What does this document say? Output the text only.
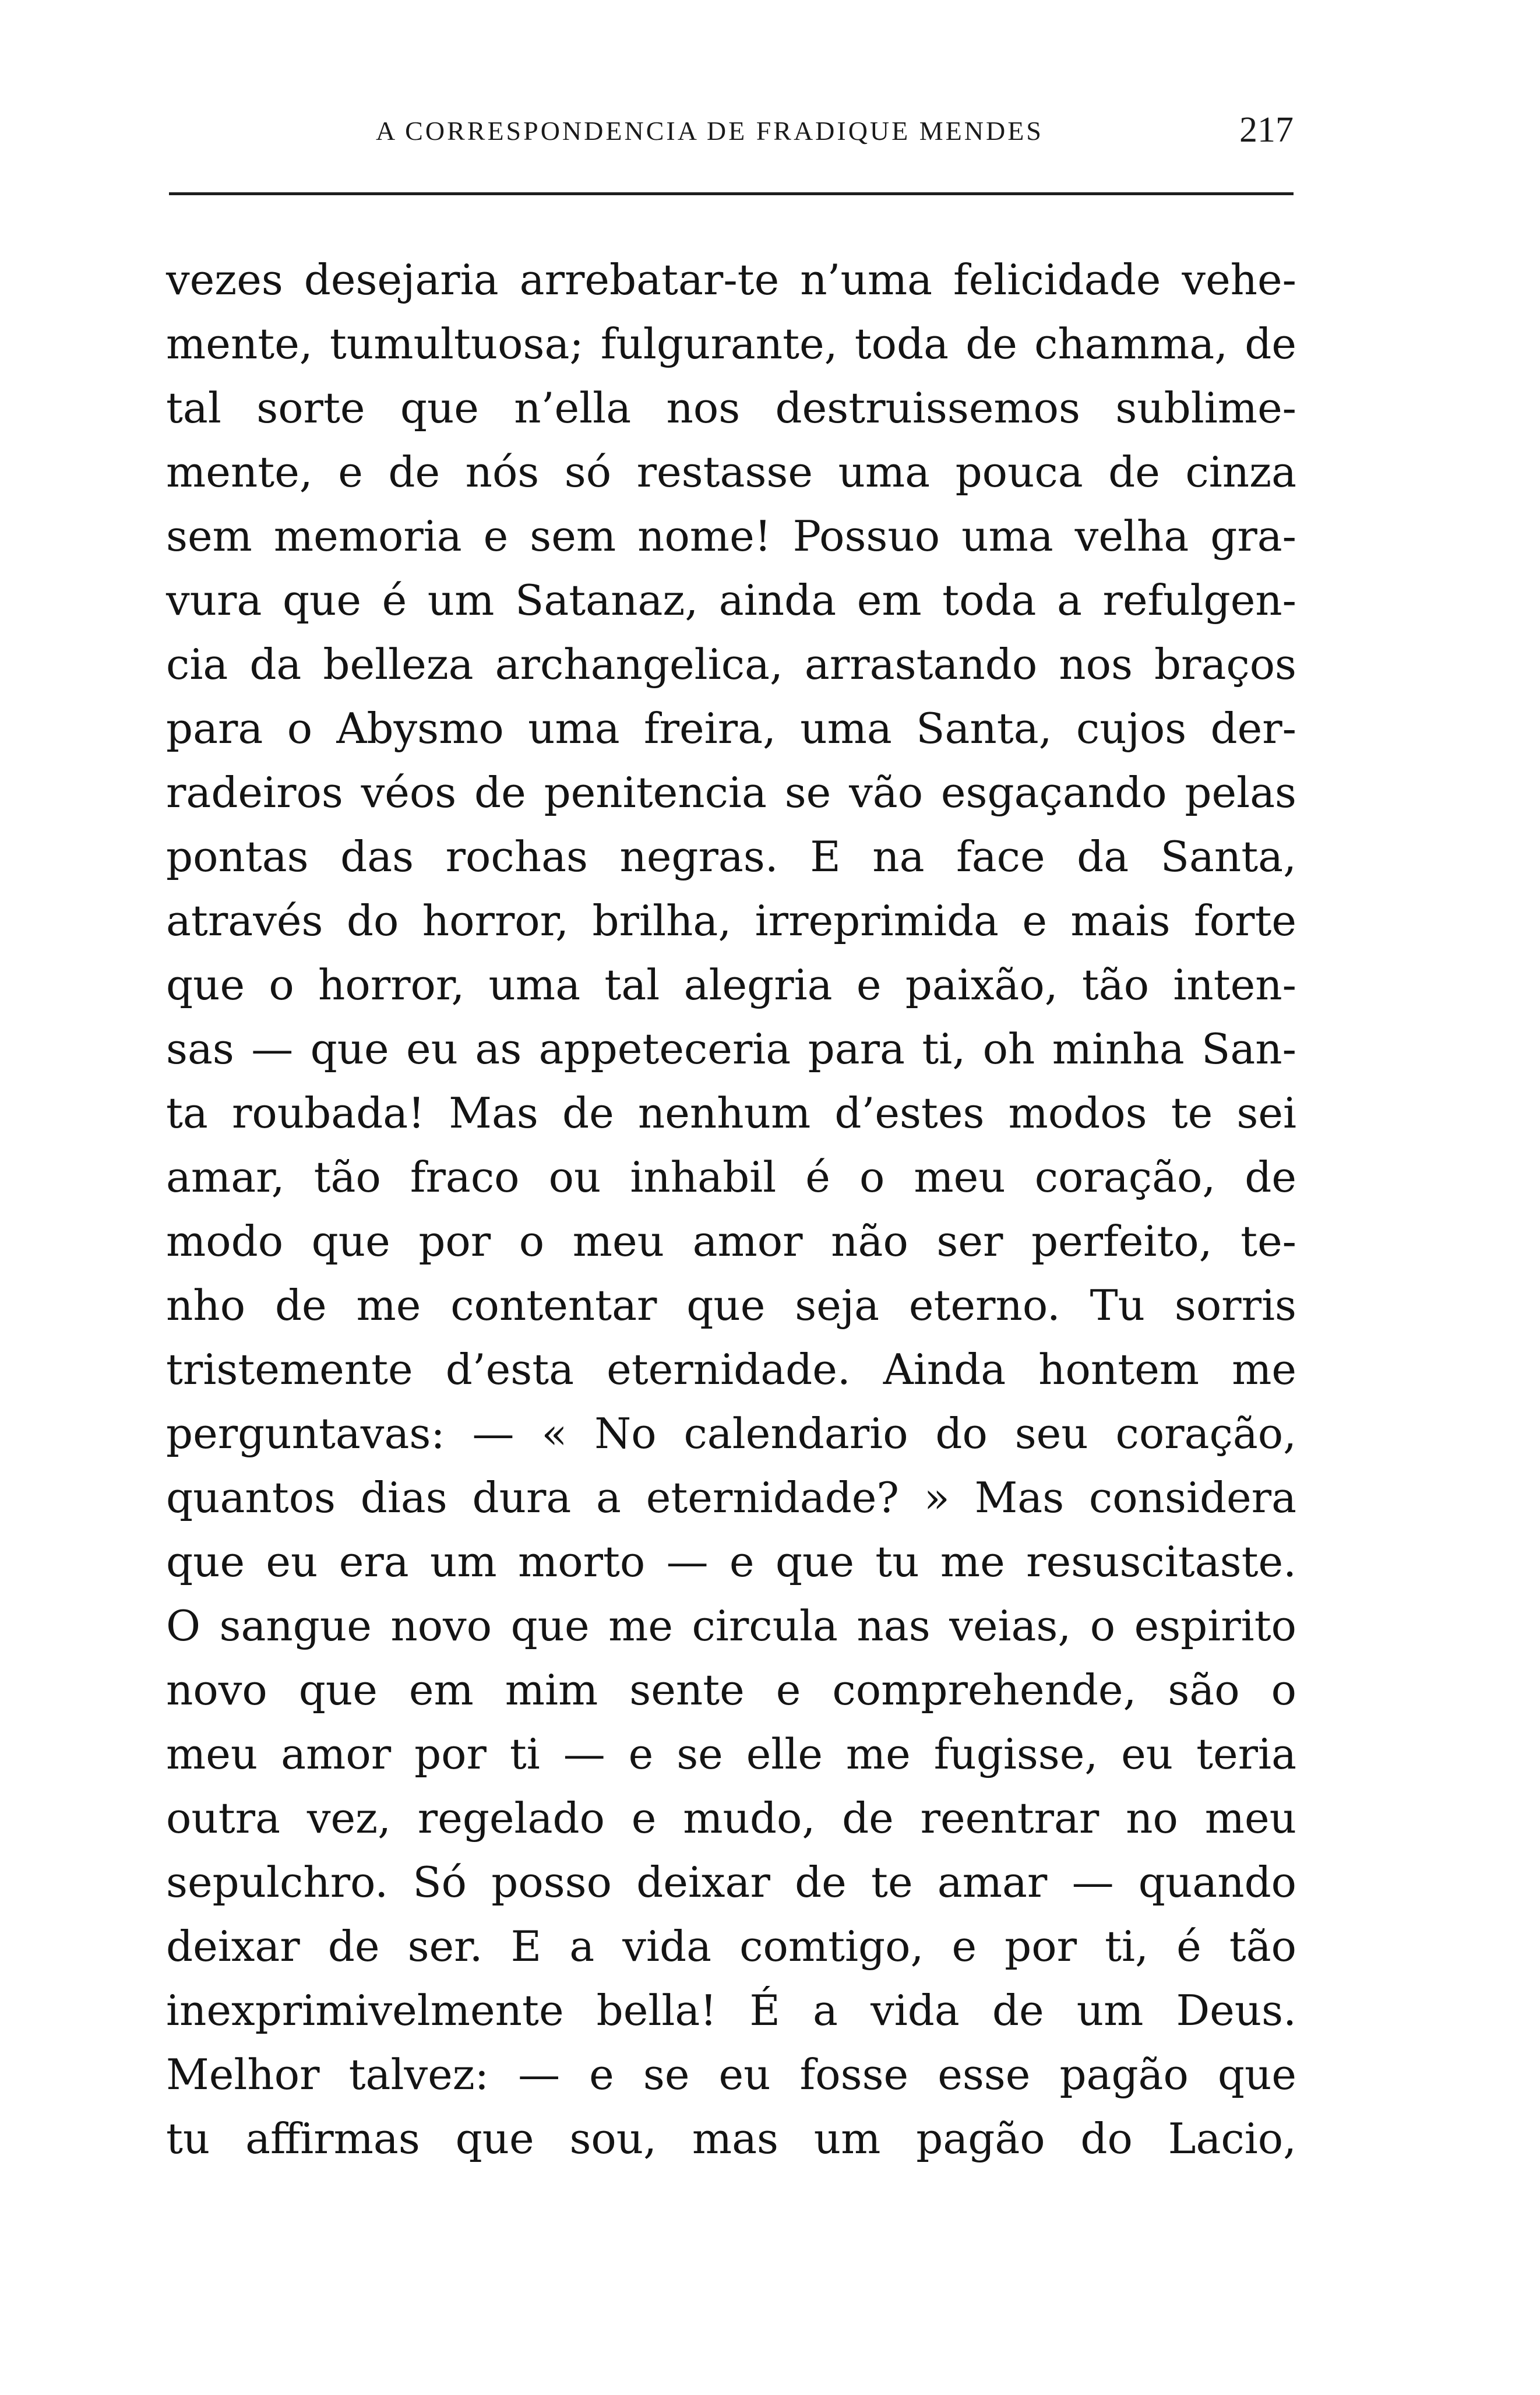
A CORRESPONDENCIA DE FRADIQUE MENDES	217
vezes desejaria arrebatar-te n’uma felicidade vehe-
mente, tumultuosa; fulgurante, toda de chamma, de
tal sorte que n’ella nos destruissemos sublime-
mente, e de nós só restasse uma pouca de cinza
sem memoria e sem nome! Possuo uma velha gra-
vura que é um Satanaz, ainda em toda a refulgen-
cia da belleza archangelica, arrastando nos braços
para o Abysmo uma freira, uma Santa, cujos der-
radeiros véos de penitencia se vão esgaçando pelas
pontas das rochas negras. E na face da Santa,
através do horror, brilha, irreprimida e mais forte
que o horror, uma tal alegria e paixão, tão inten-
sas — que eu as appeteceria para ti, oh minha San-
ta roubada! Mas de nenhum d’estes modos te sei
amar, tão fraco ou inhabil é o meu coração, de
modo que por o meu amor não ser perfeito, te-
nho de me contentar que seja eterno. Tu sorris
tristemente d’esta eternidade. Ainda hontem me
perguntavas: — « No calendario do seu coração,
quantos dias dura a eternidade? » Mas considera
que eu era um morto — e que tu me resuscitaste.
O sangue novo que me circula nas veias, o espirito
novo que em mim sente e comprehende, são o
meu amor por ti — e se elle me fugisse, eu teria
outra vez, regelado e mudo, de reentrar no meu
sepulchro. Só posso deixar de te amar — quando
deixar de ser. E a vida comtigo, e por ti, é tão
inexprimivelmente bella! É a vida de um Deus.
Melhor talvez: — e se eu fosse esse pagão que
tu affirmas que sou, mas um pagão do Lacio,
